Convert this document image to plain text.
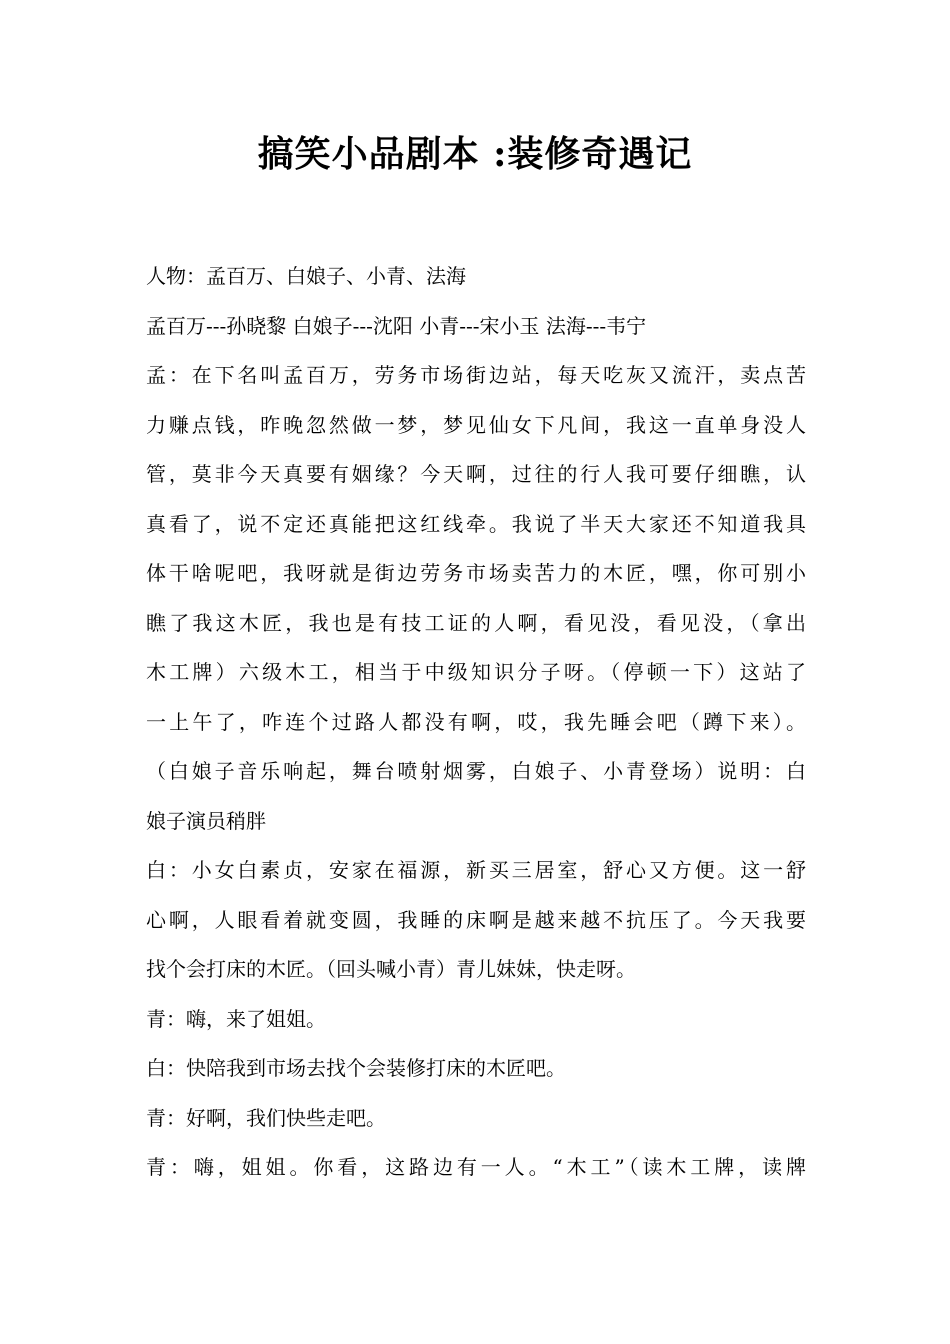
搞笑小品剧本 :装修奇遇记
人物：孟百万、白娘子、小青、法海
孟百万---孙晓黎 白娘子---沈阳 小青---宋小玉 法海---韦宁
孟：在下名叫孟百万，劳务市场街边站，每天吃灰又流汗，卖点苦
力赚点钱，昨晚忽然做一梦，梦见仙女下凡间，我这一直单身没人
管，莫非今天真要有姻缘？今天啊，过往的行人我可要仔细瞧，认
真看了，说不定还真能把这红线牵。我说了半天大家还不知道我具
体干啥呢吧，我呀就是街边劳务市场卖苦力的木匠，嘿，你可别小
瞧了我这木匠，我也是有技工证的人啊，看见没，看见没，（拿出
木工牌）六级木工，相当于中级知识分子呀。（停顿一下）这站了
一上午了，咋连个过路人都没有啊，哎，我先睡会吧（蹲下来）。
（白娘子音乐响起，舞台喷射烟雾，白娘子、小青登场）说明：白
娘子演员稍胖
白：小女白素贞，安家在福源，新买三居室，舒心又方便。这一舒
心啊，人眼看着就变圆，我睡的床啊是越来越不抗压了。今天我要
找个会打床的木匠。（回头喊小青）青儿妹妹，快走呀。
青：嗨，来了姐姐。
白：快陪我到市场去找个会装修打床的木匠吧。
青：好啊，我们快些走吧。
青：嗨，姐姐。你看，这路边有一人。“木工”（读木工牌，读牌
